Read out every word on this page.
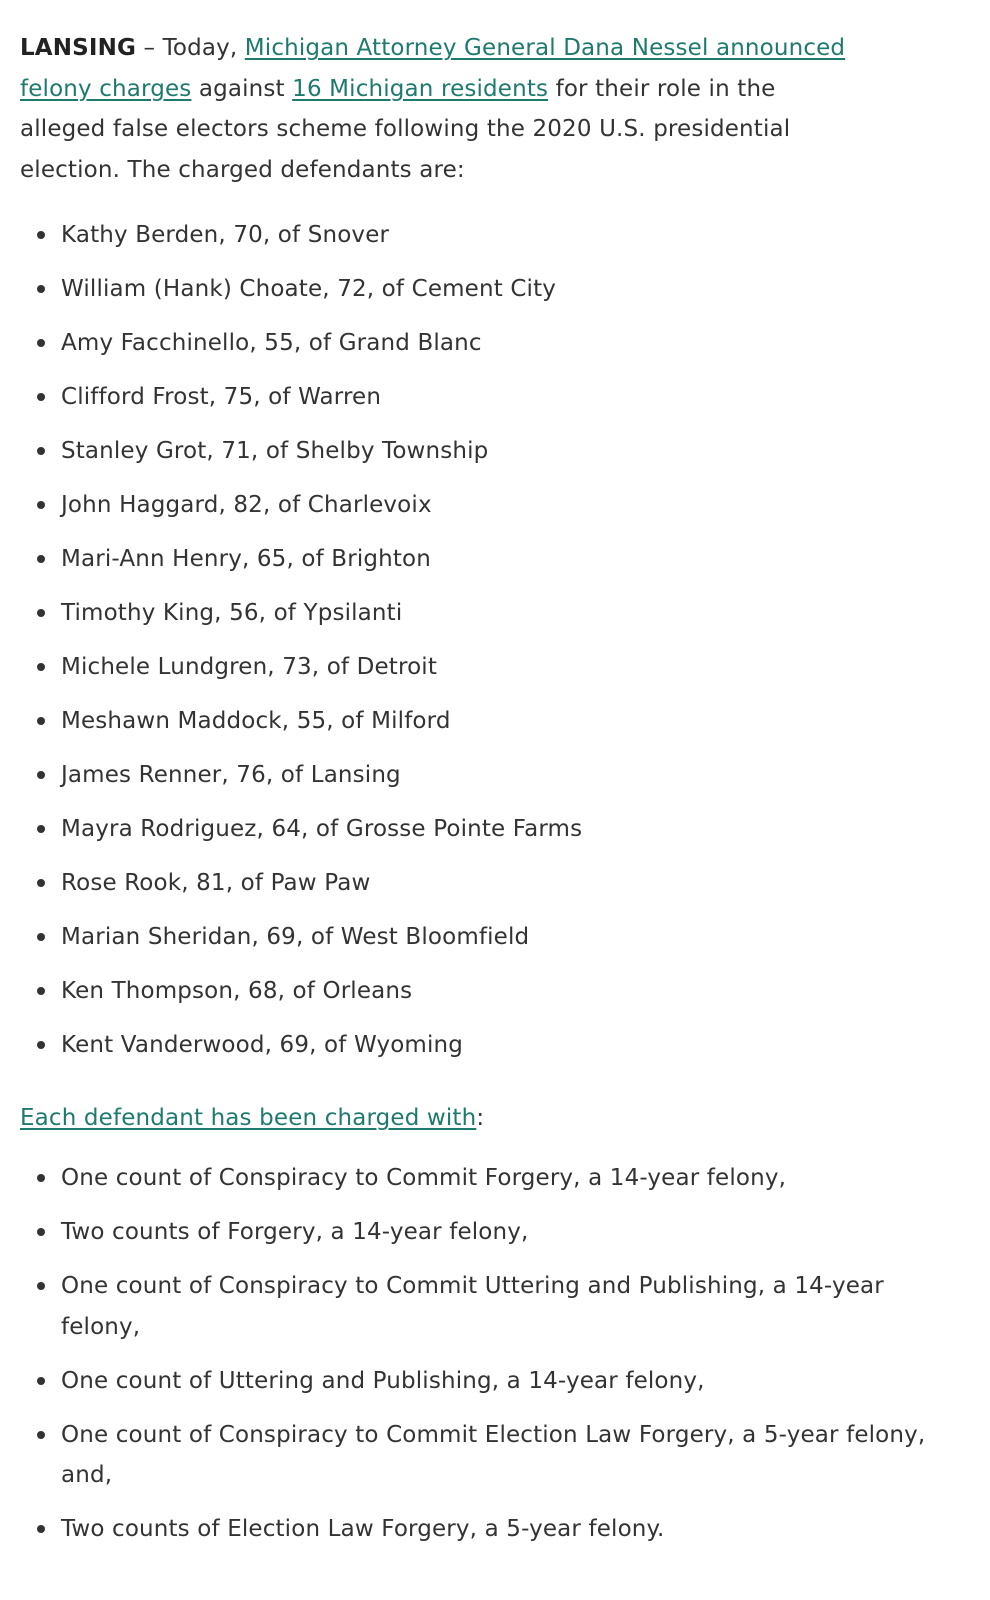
LANSING – Today, Michigan Attorney General Dana Nessel announced
felony charges against 16 Michigan residents for their role in the
alleged false electors scheme following the 2020 U.S. presidential
election. The charged defendants are:

Kathy Berden, 70, of Snover
William (Hank) Choate, 72, of Cement City
Amy Facchinello, 55, of Grand Blanc
Clifford Frost, 75, of Warren
Stanley Grot, 71, of Shelby Township
John Haggard, 82, of Charlevoix
Mari-Ann Henry, 65, of Brighton
Timothy King, 56, of Ypsilanti
Michele Lundgren, 73, of Detroit
Meshawn Maddock, 55, of Milford
James Renner, 76, of Lansing
Mayra Rodriguez, 64, of Grosse Pointe Farms
Rose Rook, 81, of Paw Paw
Marian Sheridan, 69, of West Bloomfield
Ken Thompson, 68, of Orleans
Kent Vanderwood, 69, of Wyoming

Each defendant has been charged with:

One count of Conspiracy to Commit Forgery, a 14-year felony,
Two counts of Forgery, a 14-year felony,
One count of Conspiracy to Commit Uttering and Publishing, a 14-year felony,
One count of Uttering and Publishing, a 14-year felony,
One count of Conspiracy to Commit Election Law Forgery, a 5-year felony, and,
Two counts of Election Law Forgery, a 5-year felony.
